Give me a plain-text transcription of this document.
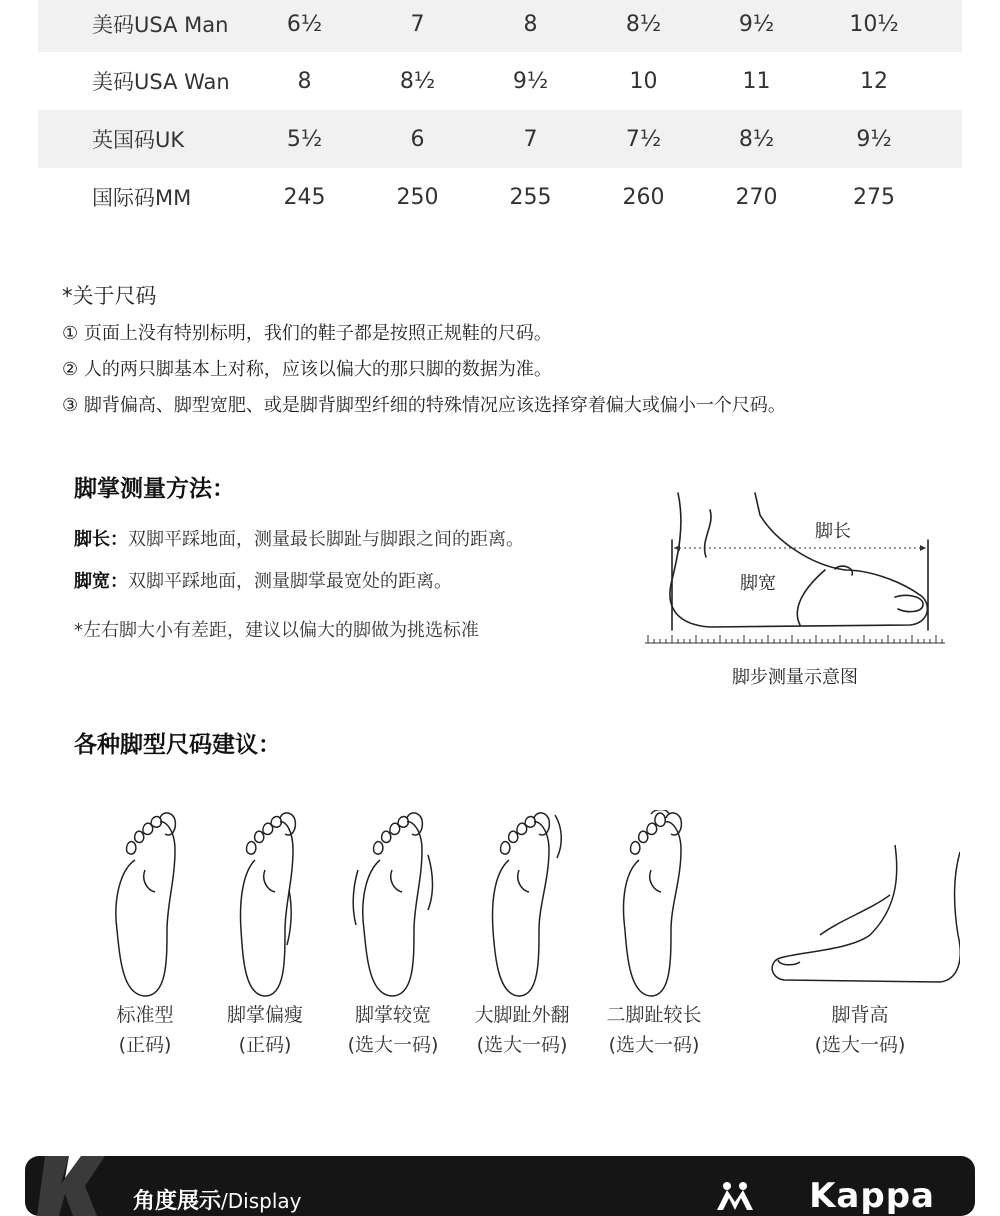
美码USA Man	6½	7	8	8½	9½	10½
美码USA Wan	8	8½	9½	10	11	12
英国码UK	5½	6	7	7½	8½	9½
国际码MM	245	250	255	260	270	275
*关于尺码
① 页面上没有特别标明，我们的鞋子都是按照正规鞋的尺码。
② 人的两只脚基本上对称，应该以偏大的那只脚的数据为准。
③ 脚背偏高、脚型宽肥、或是脚背脚型纤细的特殊情况应该选择穿着偏大或偏小一个尺码。
脚掌测量方法：
脚长：双脚平踩地面，测量最长脚趾与脚跟之间的距离。
脚宽：双脚平踩地面，测量脚掌最宽处的距离。
*左右脚大小有差距，建议以偏大的脚做为挑选标准
脚长
脚宽
脚步测量示意图
各种脚型尺码建议：
标准型
(正码)
脚掌偏瘦
(正码)
脚掌较宽
(选大一码)
大脚趾外翻
(选大一码)
二脚趾较长
(选大一码)
脚背高
(选大一码)
角度展示/Display	Kappa
